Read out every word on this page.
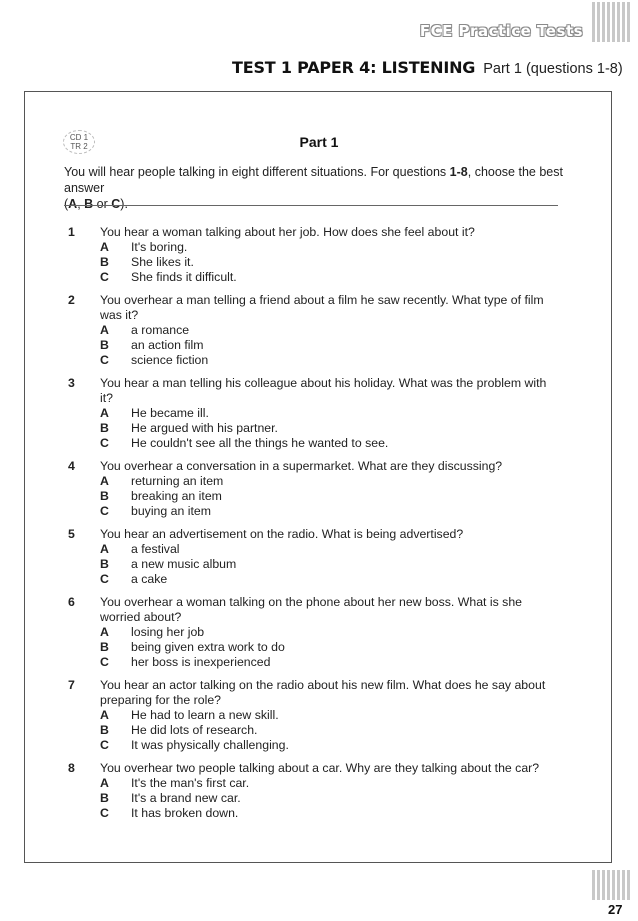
FCE Practice Tests
TEST 1 PAPER 4: LISTENING Part 1 (questions 1-8)
CD 1
TR 2	Part 1
You will hear people talking in eight different situations. For questions 1-8, choose the best answer
(A, B or C).
1 You hear a woman talking about her job. How does she feel about it?
A	It's boring.
B	She likes it.
C	She finds it difficult.
2 You overhear a man telling a friend about a film he saw recently. What type of film was it?
A	a romance
B	an action film
C	science fiction
3 You hear a man telling his colleague about his holiday. What was the problem with it?
A	He became ill.
B	He argued with his partner.
C	He couldn't see all the things he wanted to see.
4 You overhear a conversation in a supermarket. What are they discussing?
A	returning an item
B	breaking an item
C	buying an item
5 You hear an advertisement on the radio. What is being advertised?
A	a festival
B	a new music album
C	a cake
6 You overhear a woman talking on the phone about her new boss. What is she worried about?
A	losing her job
B	being given extra work to do
C	her boss is inexperienced
7 You hear an actor talking on the radio about his new film. What does he say about preparing for the role?
A	He had to learn a new skill.
B	He did lots of research.
C	It was physically challenging.
8 You overhear two people talking about a car. Why are they talking about the car?
A	It's the man's first car.
B	It's a brand new car.
C	It has broken down.
27
